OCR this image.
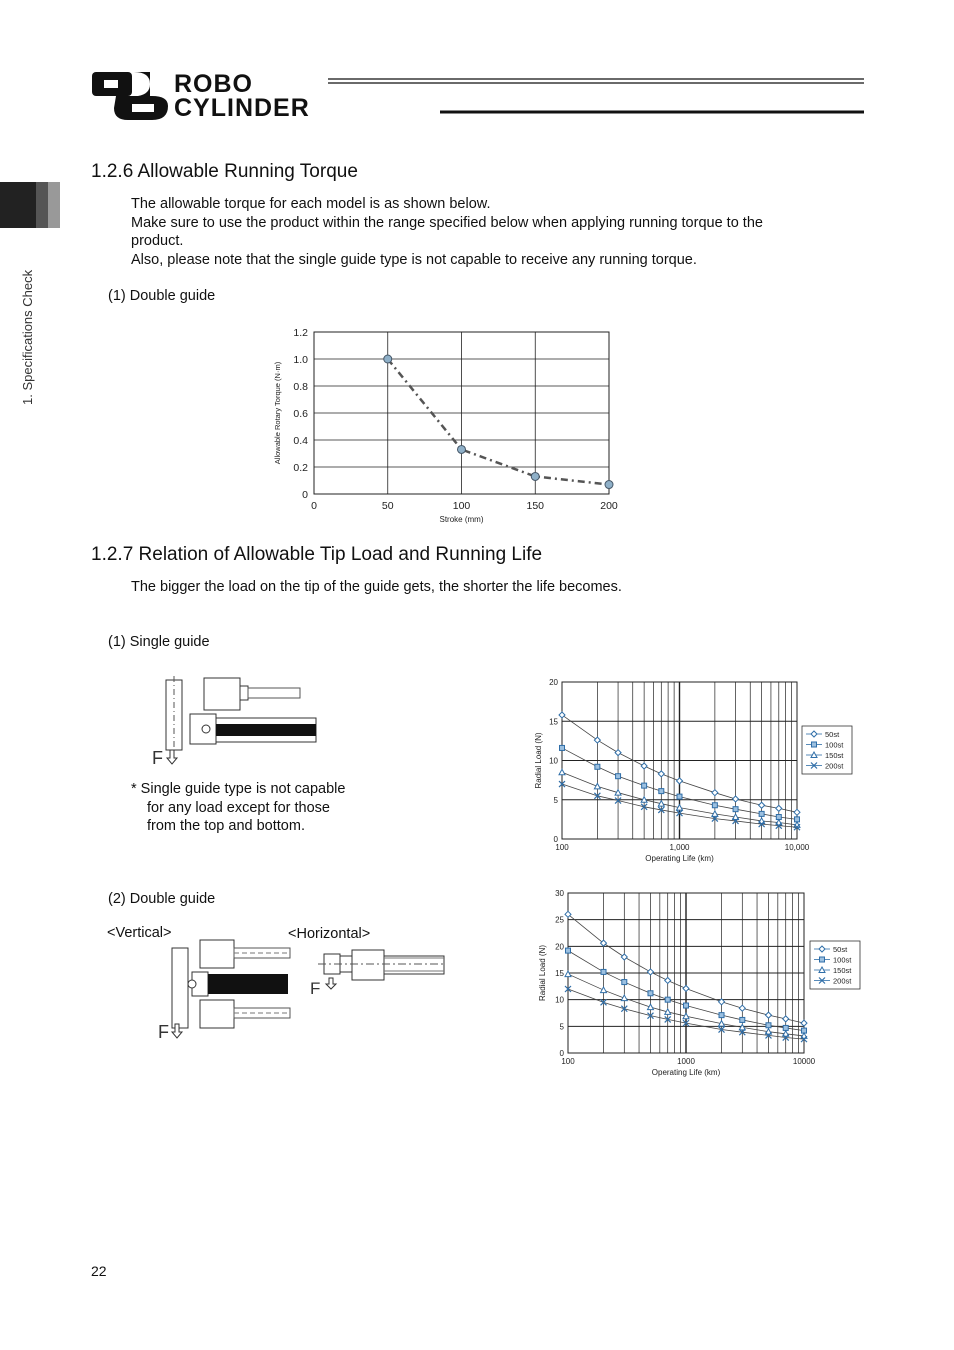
ROBO
CYLINDER
1. Specifications Check
1.2.6 Allowable Running Torque
The allowable torque for each model is as shown below.
Make sure to use the product within the range specified below when applying running torque to the
product.
Also, please note that the single guide type is not capable to receive any running torque.
(1) Double guide
0	50	100	150	200
0
0.2
0.4
0.6
0.8
1.0
1.2
Stroke (mm)
Allowable Rotary Torque (N·m)
1.2.7 Relation of Allowable Tip Load and Running Life
The bigger the load on the tip of the guide gets, the shorter the life becomes.
(1) Single guide
F
* Single guide type is not capable
for any load except for those
from the top and bottom.
(2) Double guide
<Vertical>	<Horizontal>
F
F
100	1,000	10,000
0
5
10
15
20
Operating Life (km)
Radial Load (N)	50st
100st
150st
200st
100	1000	10000
0
5
10
15
20
25
30
Operating Life (km)
Radial Load (N)	50st
100st
150st
200st
22
